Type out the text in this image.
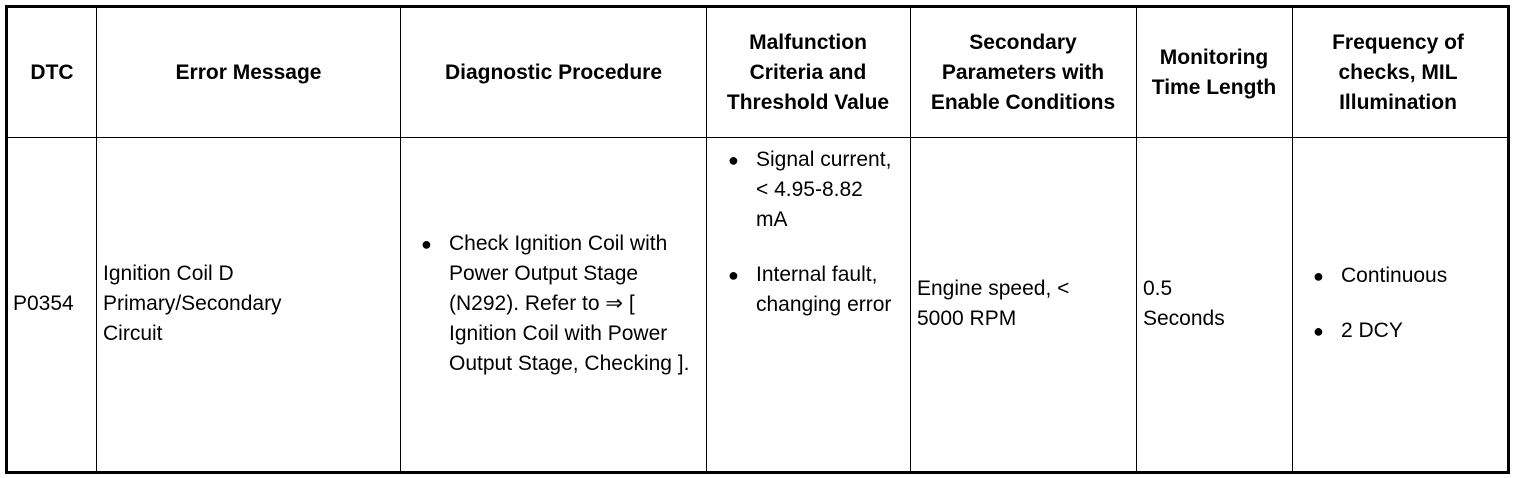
DTC	Error Message	Diagnostic Procedure
Malfunction Criteria and Threshold Value
Secondary Parameters with Enable Conditions
Monitoring Time Length
Frequency of checks, MIL Illumination
P0354
Ignition Coil D Primary/Secondary Circuit
● Check Ignition Coil with Power Output Stage (N292). Refer to ⇒ [ Ignition Coil with Power Output Stage, Checking ].
● Signal current, < 4.95-8.82 mA
● Internal fault, changing error
Engine speed, < 5000 RPM
0.5 Seconds
● Continuous
● 2 DCY
